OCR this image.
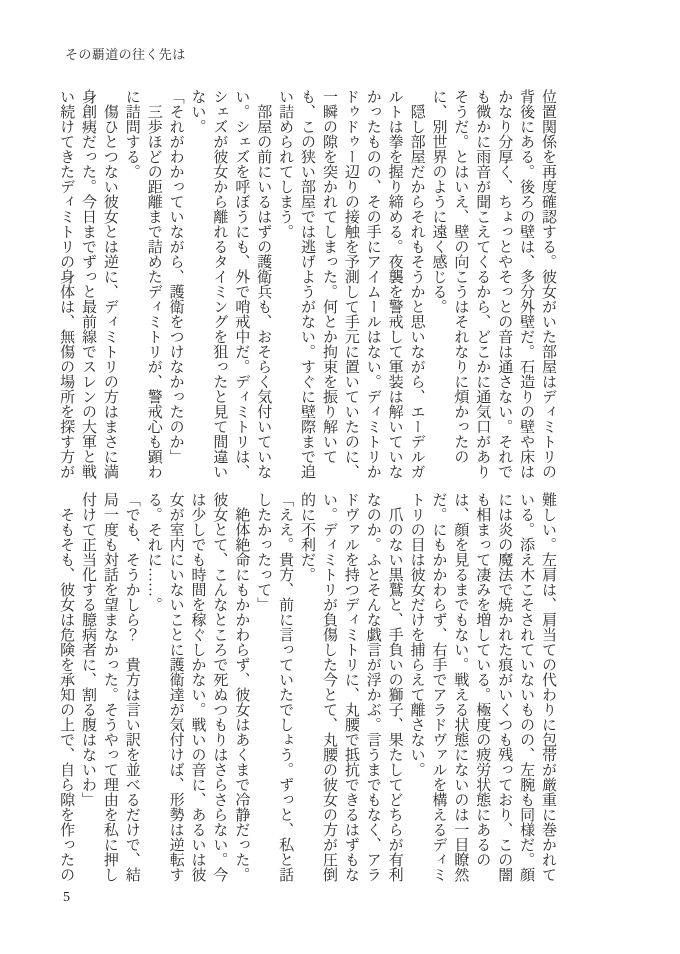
その覇道の往く先は

位置関係を再度確認する。彼女がいた部屋はディミトリの背後にある。後ろの壁は、多分外壁だ。石造りの壁や床はかなり分厚く、ちょっとやそっとの音は通さない。それでも微かに雨音が聞こえてくるから、どこかに通気口がありそうだ。とはいえ、壁の向こうはそれなりに煩かったのに、別世界のように遠く感じる。

隠し部屋だからそれもそうかと思いながら、エーデルガルトは拳を握り締める。夜襲を警戒して軍装は解いていなかったものの、その手にアイムールはない。ディミトリかドゥドゥー辺りの接触を予測して手元に置いていたのに、一瞬の隙を突かれてしまった。何とか拘束を振り解いても、この狭い部屋では逃げようがない。すぐに壁際まで追い詰められてしまう。

部屋の前にいるはずの護衛兵も、おそらく気付いていない。シェズを呼ぼうにも、外で哨戒中だ。ディミトリは、シェズが彼女から離れるタイミングを狙ったと見て間違いない。

「それがわかっていながら、護衛をつけなかったのか」

三歩ほどの距離まで詰めたディミトリが、警戒心も顕わに詰問する。

傷ひとつない彼女とは逆に、ディミトリの方はまさに満身創痍だった。今日までずっと最前線でスレンの大軍と戦い続けてきたディミトリの身体は、無傷の場所を探す方が

難しい。左肩は、肩当ての代わりに包帯が厳重に巻かれている。添え木こそされていないものの、左腕も同様だ。顔には炎の魔法で焼かれた痕がいくつも残っており、この闇も相まって凄みを増している。極度の疲労状態にあるのは、顔を見るまでもない。戦える状態にないのは一目瞭然だ。にもかかわらず、右手でアラドヴァルを構えるディミトリの目は彼女だけを捕らえて離さない。

爪のない黒鷲と、手負いの獅子、果たしてどちらが有利なのか。ふとそんな戯言が浮かぶ。言うまでもなく、アラドヴァルを持つディミトリに、丸腰で抵抗できるはずもない。ディミトリが負傷した今とて、丸腰の彼女の方が圧倒的に不利だ。

「ええ。貴方、前に言っていたでしょう。ずっと、私と話したかったって」

絶体絶命にもかかわらず、彼女はあくまで冷静だった。彼女とて、こんなところで死ぬつもりはさらさらない。今は少しでも時間を稼ぐしかない。戦いの音に、あるいは彼女が室内にいないことに護衛達が気付けば、形勢は逆転する。それに……。

「でも、そうかしら？　貴方は言い訳を並べるだけで、結局一度も対話を望まなかった。そうやって理由を私に押し付けて正当化する臆病者に、割る腹はないわ」

そもそも、彼女は危険を承知の上で、自ら隙を作ったの

5
